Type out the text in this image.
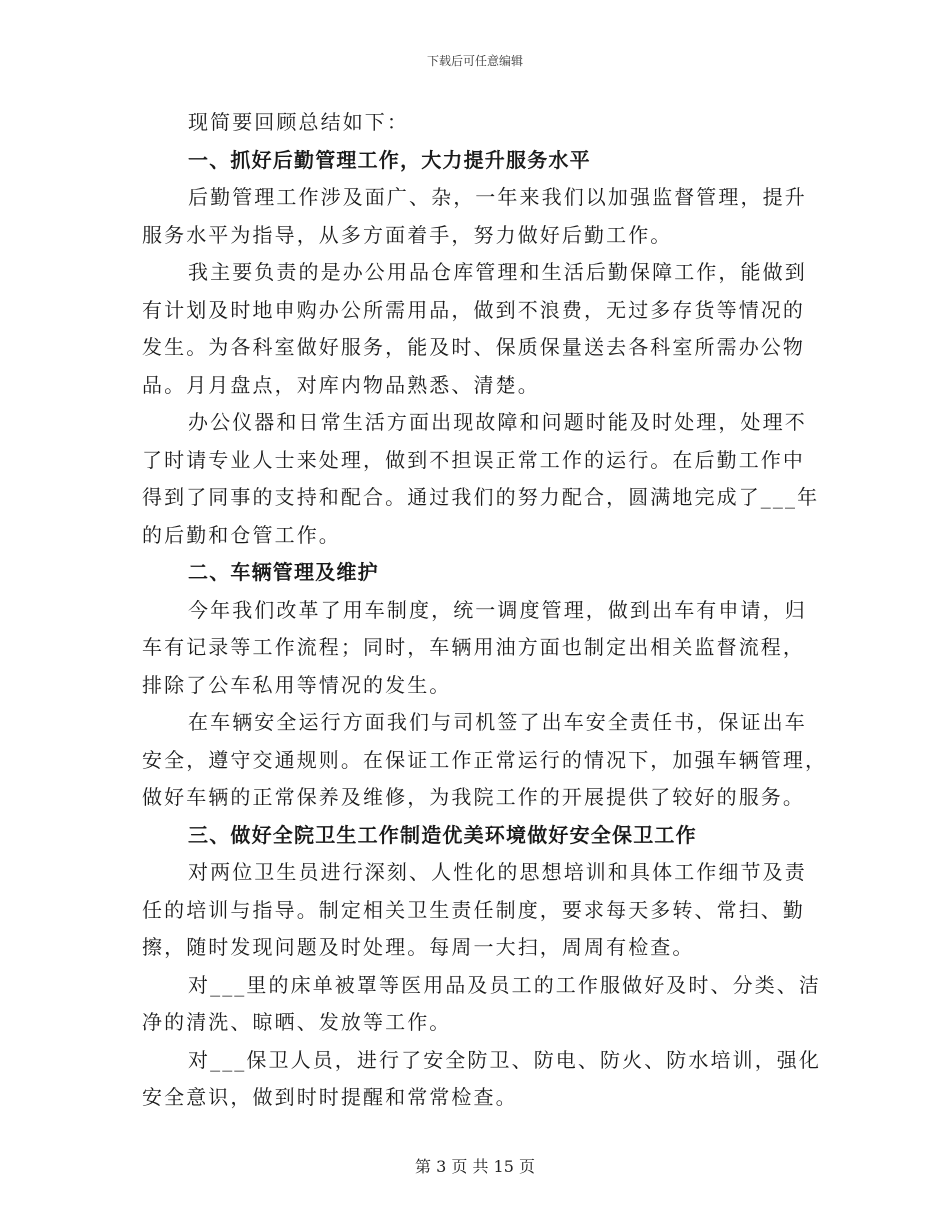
下载后可任意编辑
现简要回顾总结如下：
一、抓好后勤管理工作，大力提升服务水平
后勤管理工作涉及面广、杂，一年来我们以加强监督管理，提升
服务水平为指导，从多方面着手，努力做好后勤工作。
我主要负责的是办公用品仓库管理和生活后勤保障工作，能做到
有计划及时地申购办公所需用品，做到不浪费，无过多存货等情况的
发生。为各科室做好服务，能及时、保质保量送去各科室所需办公物
品。月月盘点，对库内物品熟悉、清楚。
办公仪器和日常生活方面出现故障和问题时能及时处理，处理不
了时请专业人士来处理，做到不担误正常工作的运行。在后勤工作中
得到了同事的支持和配合。通过我们的努力配合，圆满地完成了___年
的后勤和仓管工作。
二、车辆管理及维护
今年我们改革了用车制度，统一调度管理，做到出车有申请，归
车有记录等工作流程；同时，车辆用油方面也制定出相关监督流程，
排除了公车私用等情况的发生。
在车辆安全运行方面我们与司机签了出车安全责任书，保证出车
安全，遵守交通规则。在保证工作正常运行的情况下，加强车辆管理，
做好车辆的正常保养及维修，为我院工作的开展提供了较好的服务。
三、做好全院卫生工作制造优美环境做好安全保卫工作
对两位卫生员进行深刻、人性化的思想培训和具体工作细节及责
任的培训与指导。制定相关卫生责任制度，要求每天多转、常扫、勤
擦，随时发现问题及时处理。每周一大扫，周周有检查。
对___里的床单被罩等医用品及员工的工作服做好及时、分类、洁
净的清洗、晾晒、发放等工作。
对___保卫人员，进行了安全防卫、防电、防火、防水培训，强化
安全意识，做到时时提醒和常常检查。
第 3 页 共 15 页
